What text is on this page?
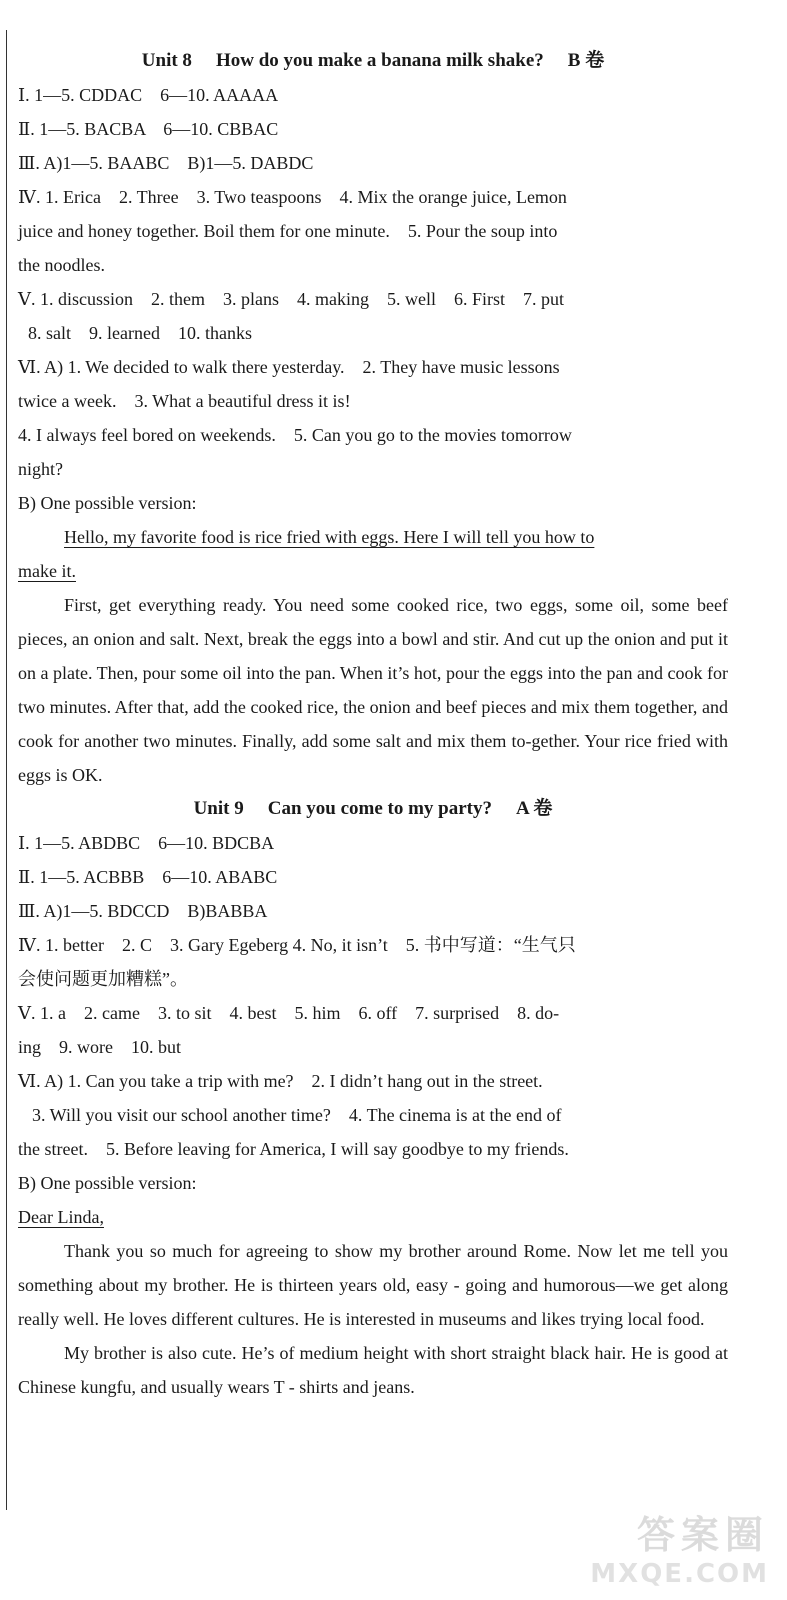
Unit 8 How do you make a banana milk shake? B 卷

Ⅰ. 1—5. CDDAC    6—10. AAAAA

Ⅱ. 1—5. BACBA    6—10. CBBAC

Ⅲ. A)1—5. BAABC    B)1—5. DABDC

Ⅳ. 1. Erica    2. Three    3. Two teaspoons    4. Mix the orange juice, Lemon

juice and honey together. Boil them for one minute.    5. Pour the soup into

the noodles.

Ⅴ. 1. discussion    2. them    3. plans    4. making    5. well    6. First    7. put

8. salt    9. learned    10. thanks

Ⅵ. A) 1. We decided to walk there yesterday.    2. They have music lessons

twice a week.    3. What a beautiful dress it is!

4. I always feel bored on weekends.    5. Can you go to the movies tomorrow

night?

B) One possible version:

Hello, my favorite food is rice fried with eggs. Here I will tell you how to

make it.

First, get everything ready. You need some cooked rice, two eggs, some oil, some beef pieces, an onion and salt. Next, break the eggs into a bowl and stir. And cut up the onion and put it on a plate. Then, pour some oil into the pan. When it’s hot, pour the eggs into the pan and cook for two minutes. After that, add the cooked rice, the onion and beef pieces and mix them together, and cook for another two minutes. Finally, add some salt and mix them to-gether. Your rice fried with eggs is OK.

Unit 9 Can you come to my party? A 卷

Ⅰ. 1—5. ABDBC    6—10. BDCBA

Ⅱ. 1—5. ACBBB    6—10. ABABC

Ⅲ. A)1—5. BDCCD    B)BABBA

Ⅳ. 1. better    2. C    3. Gary Egeberg 4. No, it isn’t    5. 书中写道：“生气只

会使问题更加糟糕”。

Ⅴ. 1. a    2. came    3. to sit    4. best    5. him    6. off    7. surprised    8. do-

ing    9. wore    10. but

Ⅵ. A) 1. Can you take a trip with me?    2. I didn’t hang out in the street.

3. Will you visit our school another time?    4. The cinema is at the end of

the street.    5. Before leaving for America, I will say goodbye to my friends.

B) One possible version:

Dear Linda,

Thank you so much for agreeing to show my brother around Rome. Now let me tell you something about my brother. He is thirteen years old, easy - going and humorous—we get along really well. He loves different cultures. He is interested in museums and likes trying local food.

My brother is also cute. He’s of medium height with short straight black hair. He is good at Chinese kungfu, and usually wears T - shirts and jeans.

答案圈
MXQE.COM
